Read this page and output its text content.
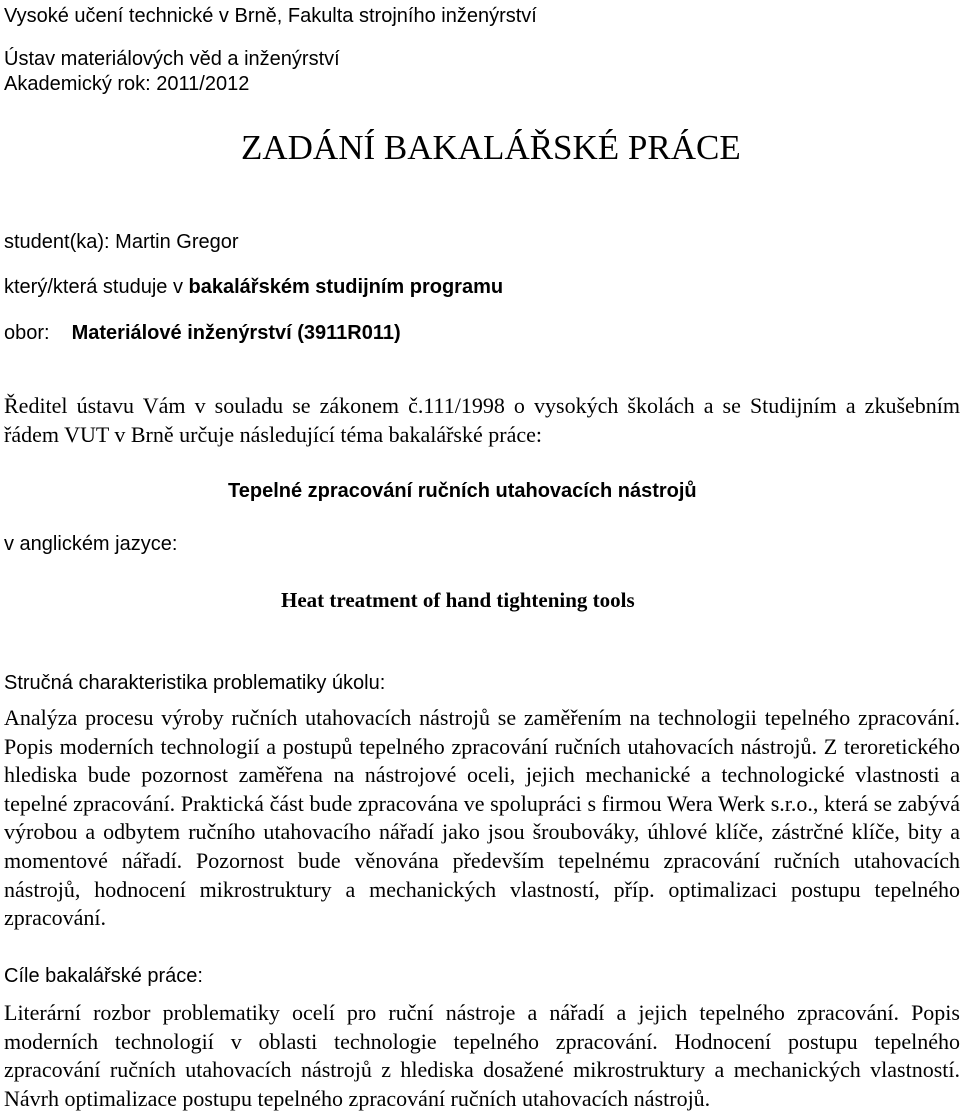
Vysoké učení technické v Brně, Fakulta strojního inženýrství
Ústav materiálových věd a inženýrství
Akademický rok: 2011/2012
ZADÁNÍ BAKALÁŘSKÉ PRÁCE
student(ka): Martin Gregor
který/která studuje v bakalářském studijním programu
obor: Materiálové inženýrství (3911R011)

Ředitel ústavu Vám v souladu se zákonem č.111/1998 o vysokých školách a se Studijním a zkušebním řádem VUT v Brně určuje následující téma bakalářské práce:

Tepelné zpracování ručních utahovacích nástrojů
v anglickém jazyce:
Heat treatment of hand tightening tools
Stručná charakteristika problematiky úkolu:

Analýza procesu výroby ručních utahovacích nástrojů se zaměřením na technologii tepelného zpracování. Popis moderních technologií a postupů tepelného zpracování ručních utahovacích nástrojů. Z teroretického hlediska bude pozornost zaměřena na nástrojové oceli, jejich mechanické a technologické vlastnosti a tepelné zpracování. Praktická část bude zpracována ve spolupráci s firmou Wera Werk s.r.o., která se zabývá výrobou a odbytem ručního utahovacího nářadí jako jsou šroubováky, úhlové klíče, zástrčné klíče, bity a momentové nářadí. Pozornost bude věnována především tepelnému zpracování ručních utahovacích nástrojů, hodnocení mikrostruktury a mechanických vlastností, příp. optimalizaci postupu tepelného zpracování.

Cíle bakalářské práce:

Literární rozbor problematiky ocelí pro ruční nástroje a nářadí a jejich tepelného zpracování. Popis moderních technologií v oblasti technologie tepelného zpracování. Hodnocení postupu tepelného zpracování ručních utahovacích nástrojů z hlediska dosažené mikrostruktury a mechanických vlastností. Návrh optimalizace postupu tepelného zpracování ručních utahovacích nástrojů.
